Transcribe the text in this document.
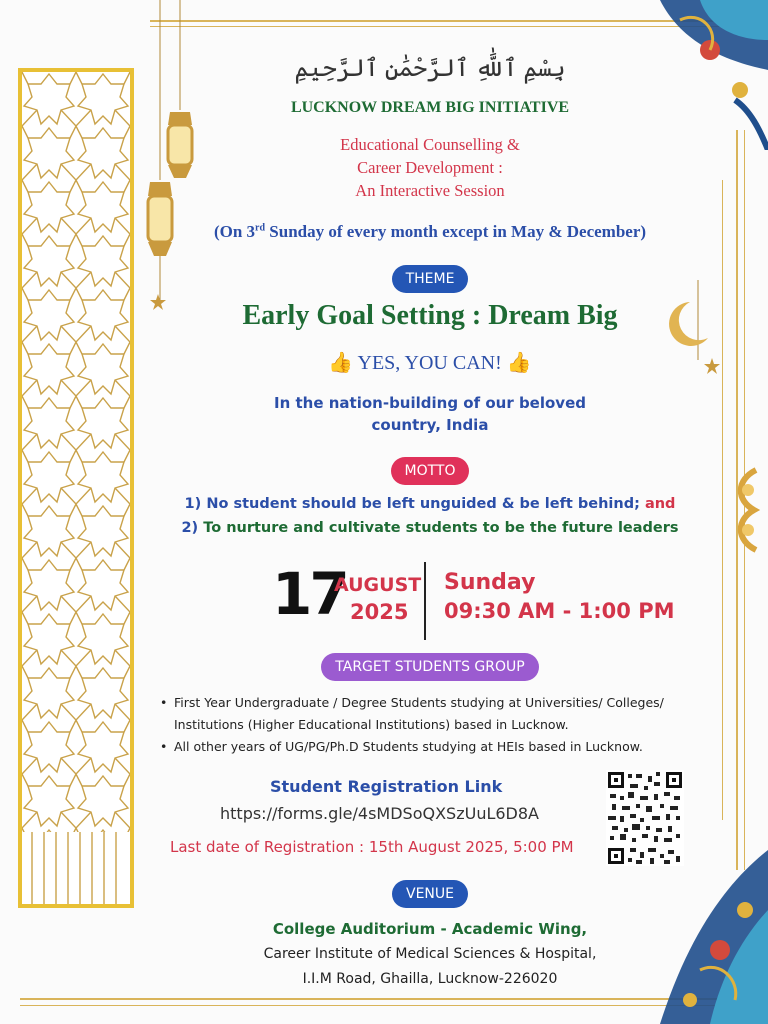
بِسْمِ ٱللَّٰهِ ٱلرَّحْمَٰنِ ٱلرَّحِيمِ
LUCKNOW DREAM BIG INITIATIVE
Educational Counselling &
Career Development :
An Interactive Session
(On 3rd Sunday of every month except in May & December)
THEME
Early Goal Setting : Dream Big
👍 YES, YOU CAN! 👍
In the nation-building of our beloved
country, India
MOTTO
1) No student should be left unguided & be left behind; and
2) To nurture and cultivate students to be the future leaders
17
AUGUST
2025
Sunday
09:30 AM - 1:00 PM
TARGET STUDENTS GROUP
• First Year Undergraduate / Degree Students studying at Universities/ Colleges/ Institutions (Higher Educational Institutions) based in Lucknow.
• All other years of UG/PG/Ph.D Students studying at HEIs based in Lucknow.
Student Registration Link
https://forms.gle/4sMDSoQXSzUuL6D8A
Last date of Registration : 15th August 2025, 5:00 PM
VENUE
College Auditorium - Academic Wing,
Career Institute of Medical Sciences & Hospital,
I.I.M Road, Ghailla, Lucknow-226020
